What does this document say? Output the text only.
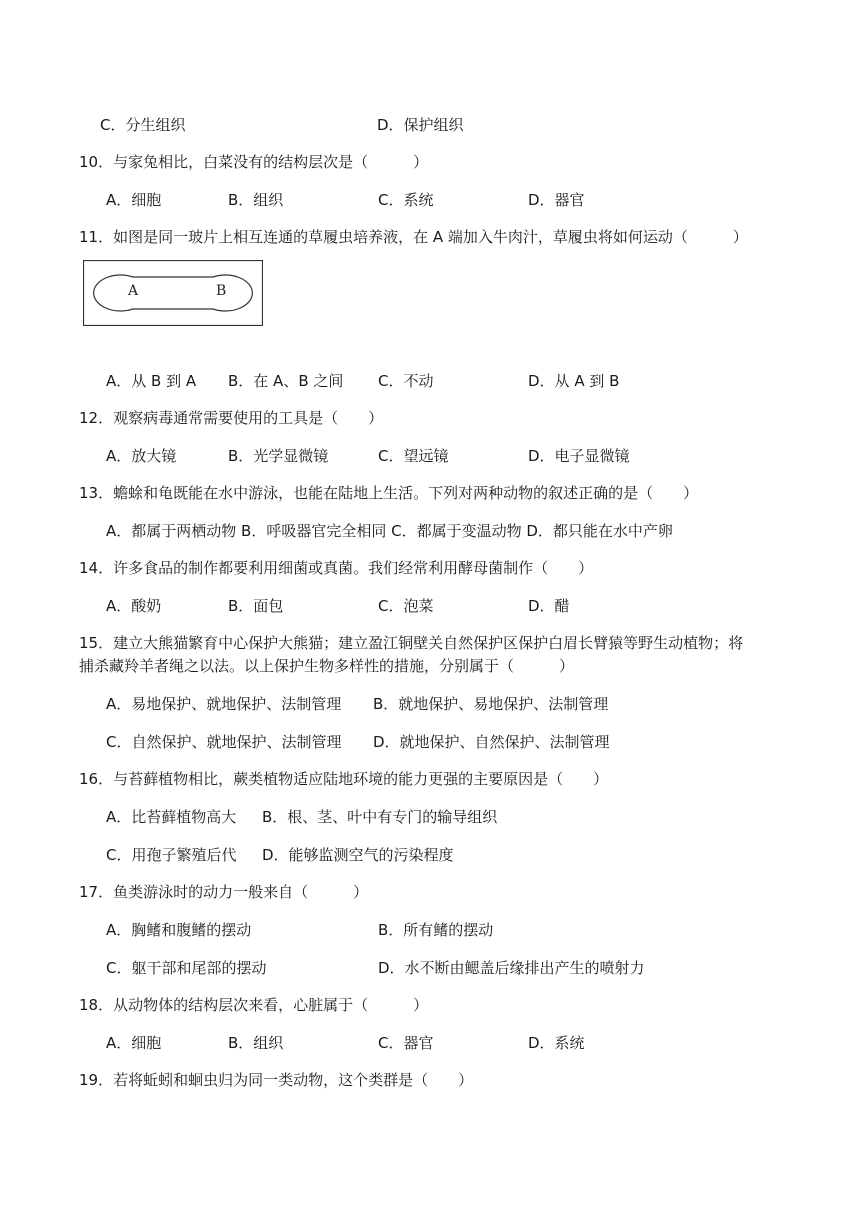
C．分生组织	D．保护组织
10．与家兔相比，白菜没有的结构层次是（　　　）
A．细胞	B．组织	C．系统	D．器官
11．如图是同一玻片上相互连通的草履虫培养液，在 A 端加入牛肉汁，草履虫将如何运动（　　　）
A	B
A．从 B 到 A B．在 A、B 之间 C．不动	D．从 A 到 B
12．观察病毒通常需要使用的工具是（　　）
A．放大镜	B．光学显微镜	C．望远镜	D．电子显微镜
13．蟾蜍和龟既能在水中游泳，也能在陆地上生活。下列对两种动物的叙述正确的是（　　）
A．都属于两栖动物 B．呼吸器官完全相同 C．都属于变温动物 D．都只能在水中产卵
14．许多食品的制作都要利用细菌或真菌。我们经常利用酵母菌制作（　　）
A．酸奶	B．面包	C．泡菜	D．醋
15．建立大熊猫繁育中心保护大熊猫；建立盈江铜壁关自然保护区保护白眉长臂猿等野生动植物；将
捕杀藏羚羊者绳之以法。以上保护生物多样性的措施，分别属于（　　　）
A．易地保护、就地保护、法制管理 B．就地保护、易地保护、法制管理
C．自然保护、就地保护、法制管理 D．就地保护、自然保护、法制管理
16．与苔藓植物相比，蕨类植物适应陆地环境的能力更强的主要原因是（　　）
A．比苔藓植物高大 B．根、茎、叶中有专门的输导组织
C．用孢子繁殖后代 D．能够监测空气的污染程度
17．鱼类游泳时的动力一般来自（　　　）
A．胸鳍和腹鳍的摆动	B．所有鳍的摆动
C．躯干部和尾部的摆动	D．水不断由鳃盖后缘排出产生的喷射力
18．从动物体的结构层次来看，心脏属于（　　　）
A．细胞	B．组织	C．器官	D．系统
19．若将蚯蚓和蛔虫归为同一类动物，这个类群是（　　）
